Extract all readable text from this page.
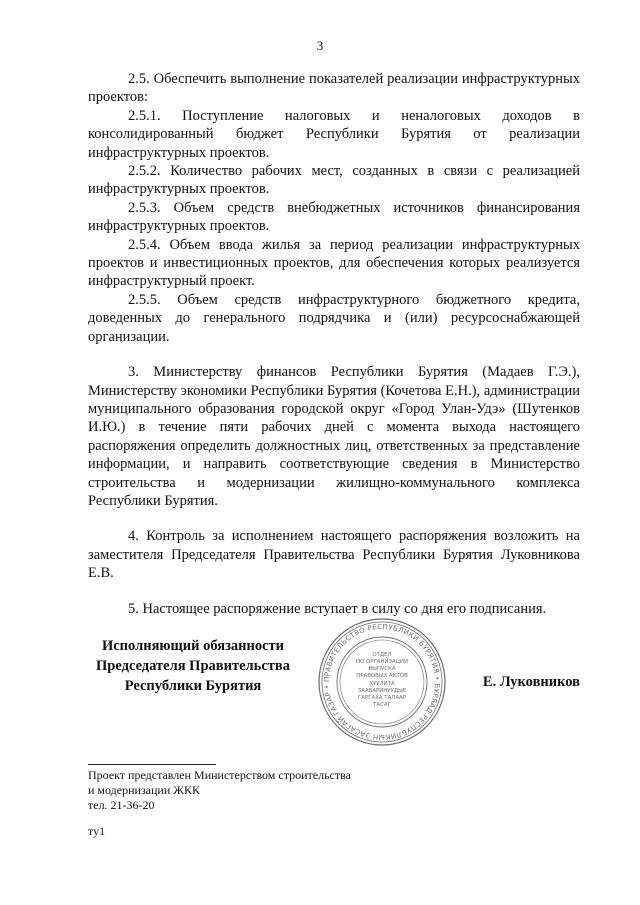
3

2.5. Обеспечить выполнение показателей реализации инфраструктурных проектов:

2.5.1. Поступление налоговых и неналоговых доходов в консолидированный бюджет Республики Бурятия от реализации инфраструктурных проектов.

2.5.2. Количество рабочих мест, созданных в связи с реализацией инфраструктурных проектов.

2.5.3. Объем средств внебюджетных источников финансирования инфраструктурных проектов.

2.5.4. Объем ввода жилья за период реализации инфраструктурных проектов и инвестиционных проектов, для обеспечения которых реализуется инфраструктурный проект.

2.5.5. Объем средств инфраструктурного бюджетного кредита, доведенных до генерального подрядчика и (или) ресурсоснабжающей организации.

3. Министерству финансов Республики Бурятия (Мадаев Г.Э.), Министерству экономики Республики Бурятия (Кочетова Е.Н.), администрации муниципального образования городской округ «Город Улан-Удэ» (Шутенков И.Ю.) в течение пяти рабочих дней с момента выхода настоящего распоряжения определить должностных лиц, ответственных за представление информации, и направить соответствующие сведения в Министерство строительства и модернизации жилищно-коммунального комплекса Республики Бурятия.

4. Контроль за исполнением настоящего распоряжения возложить на заместителя Председателя Правительства Республики Бурятия Луковникова Е.В.

5. Настоящее распоряжение вступает в силу со дня его подписания.

Исполняющий обязанности
Председателя Правительства
Республики Бурятия	ПРАВИТЕЛЬСТВО РЕСПУБЛИКИ БУРЯТИЯ • БУРЯАД РЕСПУБЛИКЫН ЗАСАГАЙ ГАЗАР •
ОТДЕЛ
ПО ОРГАНИЗАЦИИ
ВЫПУСКА
ПРАВОВЫХ АКТОВ
ХУУЛИТА
ЗААБАРИНУУДЫЕ
ГАРГАХА ТАЛААР
ТАСАГ
Е. Луковников
Проект представлен Министерством строительства
и модернизации ЖКК
тел. 21-36-20
ту1
